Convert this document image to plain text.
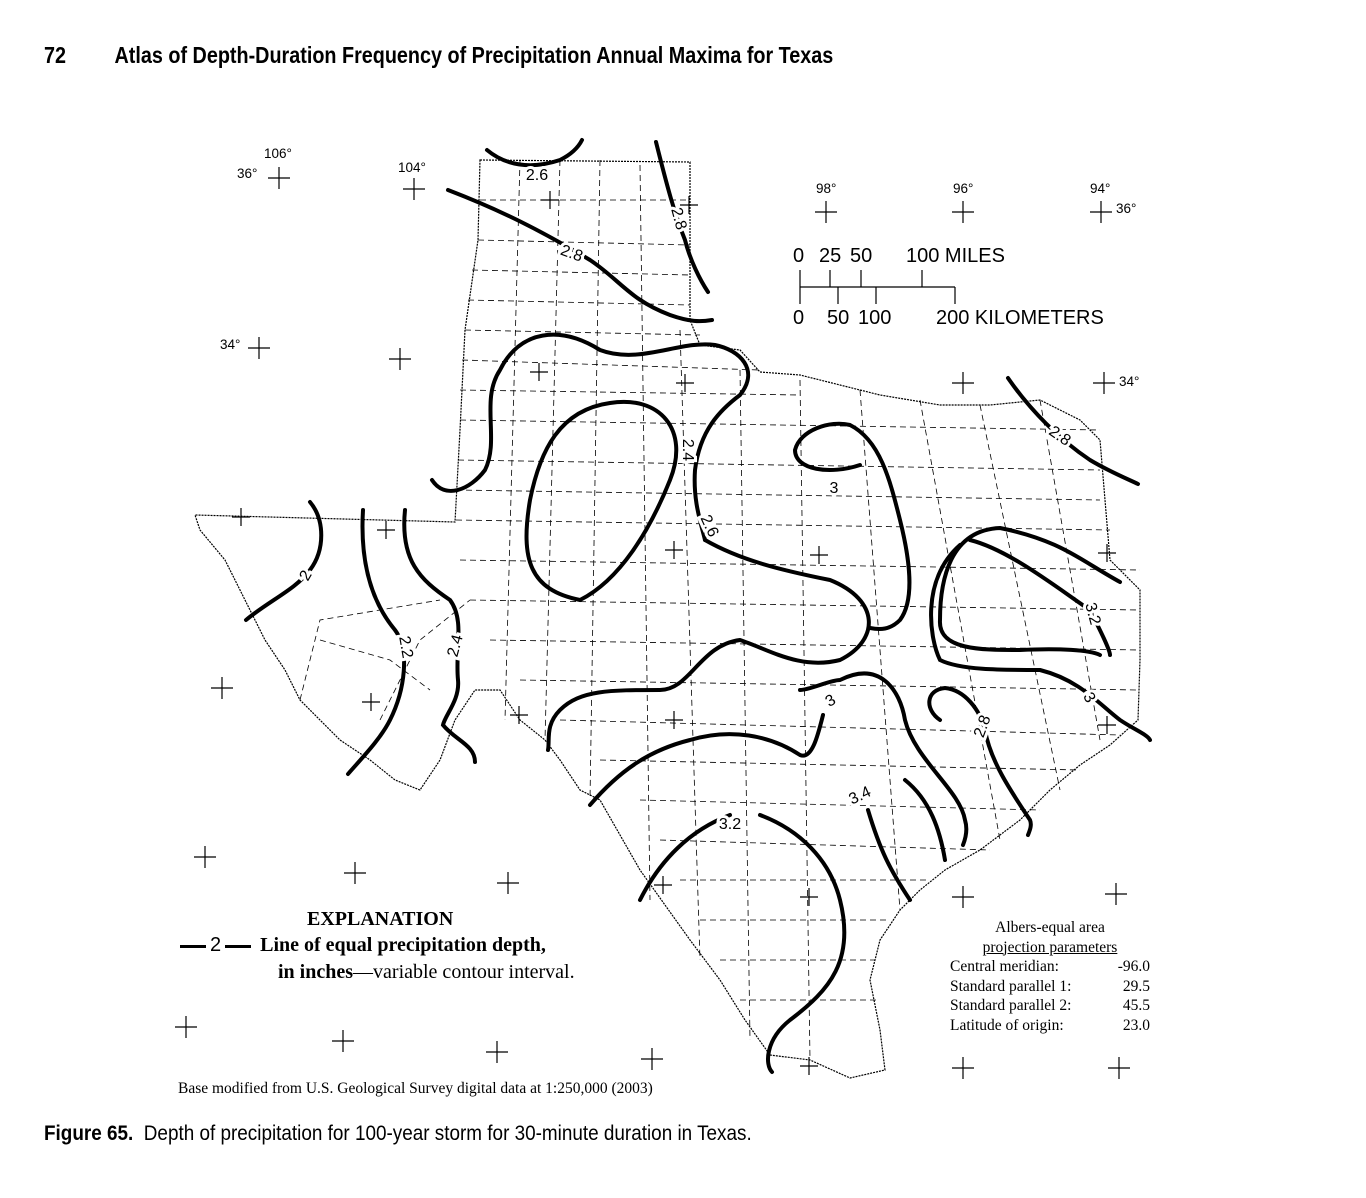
72 Atlas of Depth-Duration Frequency of Precipitation Annual Maxima for Texas
2.6
2.8
2.8
2.4
2.6
3
2.8
2
2.2 2.4
3.2
3
3
2.8
3.4
3.2
106°
104°
98°	96°	94°
36°
36°
34°
34°
0 25 50 100 MILES
0 50 100 200 KILOMETERS
EXPLANATION
2 Line of equal precipitation depth,
in inches—variable contour interval.
Albers-equal area
projection parameters
Central meridian:	-96.0
Standard parallel 1:	29.5
Standard parallel 2:	45.5
Latitude of origin:	23.0
Base modified from U.S. Geological Survey digital data at 1:250,000 (2003)
Figure 65. Depth of precipitation for 100-year storm for 30-minute duration in Texas.
